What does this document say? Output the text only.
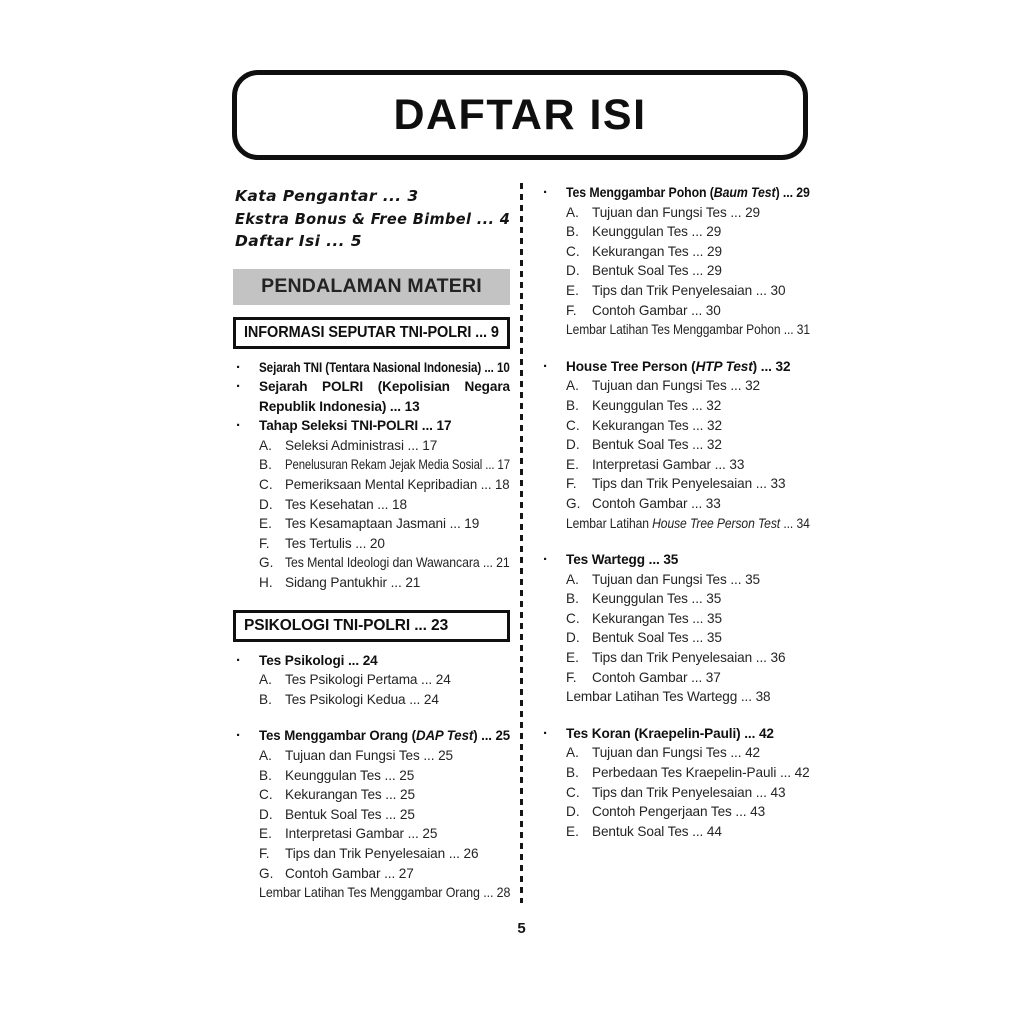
DAFTAR ISI
Kata Pengantar ... 3
Ekstra Bonus & Free Bimbel ... 4
Daftar Isi ... 5
PENDALAMAN MATERI
INFORMASI SEPUTAR TNI-POLRI ... 9
·	Sejarah TNI (Tentara Nasional Indonesia) ... 10
·	Sejarah POLRI (Kepolisian Negara Republik Indonesia) ... 13
·	Tahap Seleksi TNI-POLRI ... 17
A. Seleksi Administrasi ... 17
B. Penelusuran Rekam Jejak Media Sosial ... 17
C. Pemeriksaan Mental Kepribadian ... 18
D. Tes Kesehatan ... 18
E. Tes Kesamaptaan Jasmani ... 19
F.	Tes Tertulis ... 20
G. Tes Mental Ideologi dan Wawancara ... 21
H. Sidang Pantukhir ... 21
PSIKOLOGI TNI-POLRI ... 23
·	Tes Psikologi ... 24
A. Tes Psikologi Pertama ... 24
B. Tes Psikologi Kedua ... 24
·	Tes Menggambar Orang (DAP Test) ... 25
A. Tujuan dan Fungsi Tes ... 25
B. Keunggulan Tes ... 25
C. Kekurangan Tes ... 25
D. Bentuk Soal Tes ... 25
E. Interpretasi Gambar ... 25
F.	Tips dan Trik Penyelesaian ... 26
G. Contoh Gambar ... 27
Lembar Latihan Tes Menggambar Orang ... 28
·	Tes Menggambar Pohon (Baum Test) ... 29
A. Tujuan dan Fungsi Tes ... 29
B. Keunggulan Tes ... 29
C. Kekurangan Tes ... 29
D. Bentuk Soal Tes ... 29
E. Tips dan Trik Penyelesaian ... 30
F.	Contoh Gambar ... 30
Lembar Latihan Tes Menggambar Pohon ... 31
·	House Tree Person (HTP Test) ... 32
A. Tujuan dan Fungsi Tes ... 32
B. Keunggulan Tes ... 32
C. Kekurangan Tes ... 32
D. Bentuk Soal Tes ... 32
E. Interpretasi Gambar ... 33
F.	Tips dan Trik Penyelesaian ... 33
G. Contoh Gambar ... 33
Lembar Latihan House Tree Person Test ... 34
·	Tes Wartegg ... 35
A. Tujuan dan Fungsi Tes ... 35
B. Keunggulan Tes ... 35
C. Kekurangan Tes ... 35
D. Bentuk Soal Tes ... 35
E. Tips dan Trik Penyelesaian ... 36
F.	Contoh Gambar ... 37
Lembar Latihan Tes Wartegg ... 38
·	Tes Koran (Kraepelin-Pauli) ... 42
A. Tujuan dan Fungsi Tes ... 42
B. Perbedaan Tes Kraepelin-Pauli ... 42
C. Tips dan Trik Penyelesaian ... 43
D. Contoh Pengerjaan Tes ... 43
E. Bentuk Soal Tes ... 44
5
